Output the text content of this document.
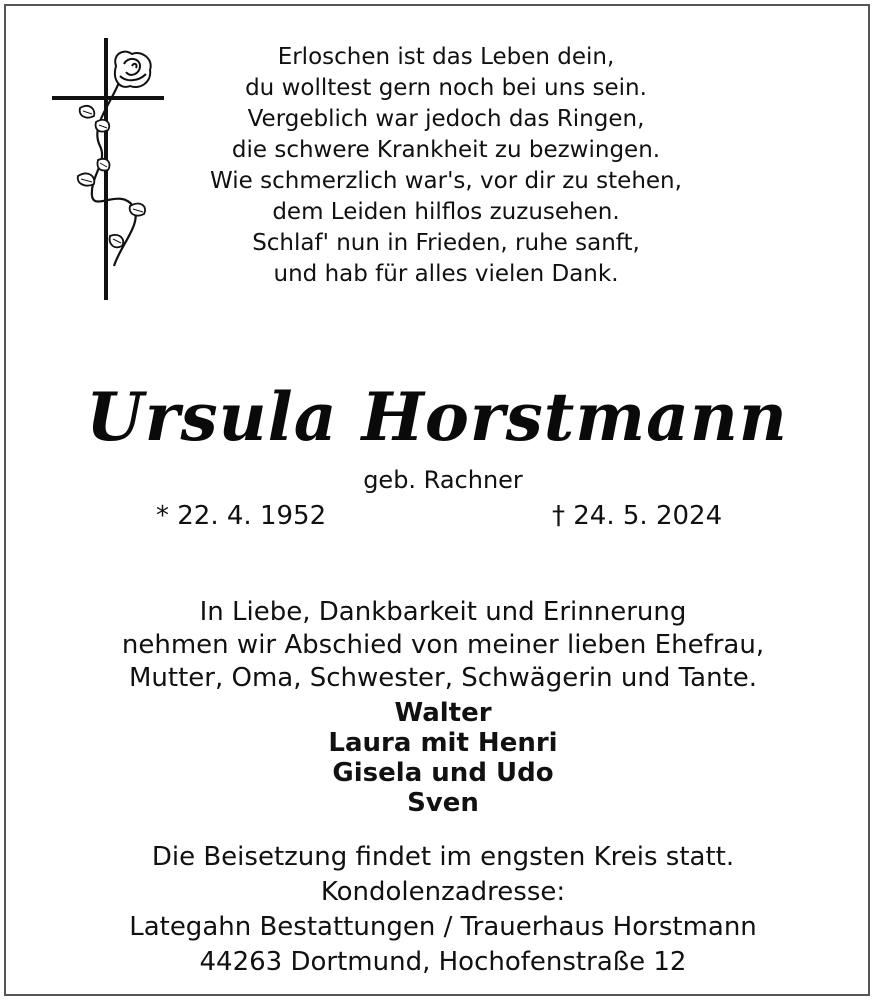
Erloschen ist das Leben dein,
du wolltest gern noch bei uns sein.
Vergeblich war jedoch das Ringen,
die schwere Krankheit zu bezwingen.
Wie schmerzlich war's, vor dir zu stehen,
dem Leiden hilflos zuzusehen.
Schlaf' nun in Frieden, ruhe sanft,
und hab für alles vielen Dank.
Ursula Horstmann
geb. Rachner
* 22. 4. 1952	† 24. 5. 2024
In Liebe, Dankbarkeit und Erinnerung
nehmen wir Abschied von meiner lieben Ehefrau,
Mutter, Oma, Schwester, Schwägerin und Tante.
Walter
Laura mit Henri
Gisela und Udo
Sven
Die Beisetzung findet im engsten Kreis statt.
Kondolenzadresse:
Lategahn Bestattungen / Trauerhaus Horstmann
44263 Dortmund, Hochofenstraße 12
